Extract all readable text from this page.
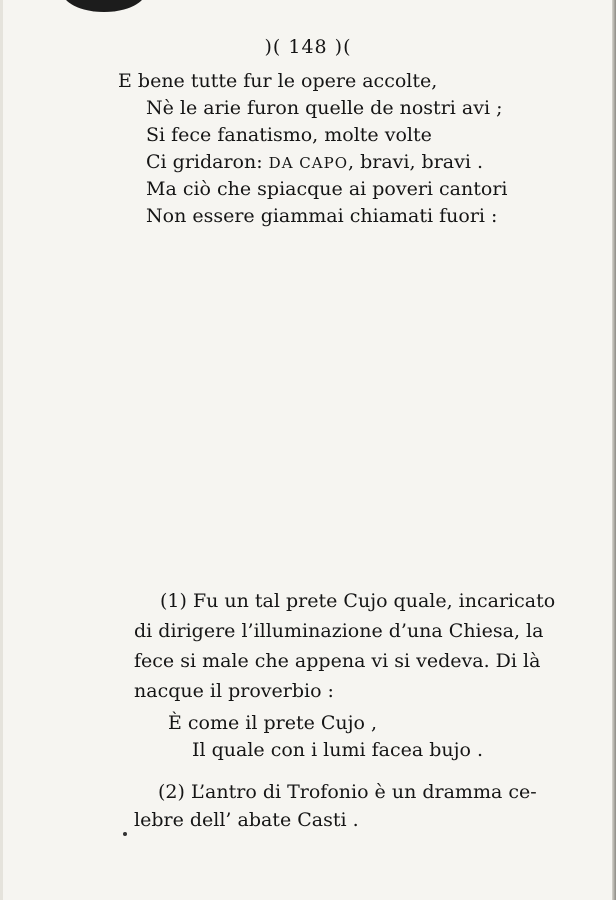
)( 148 )(
E bene tutte fur le opere accolte,
Nè le arie furon quelle de nostri avi ;
Si fece fanatismo, molte volte
Ci gridaron: DA CAPO, bravi, bravi .
Ma ciò che spiacque ai poveri cantori
Non essere giammai chiamati fuori :
(1) Fu un tal prete Cujo quale, incaricato
di dirigere l’illuminazione d’una Chiesa, la
fece si male che appena vi si vedeva. Di là
nacque il proverbio :
È come il prete Cujo ,
Il quale con i lumi facea bujo .
(2) L’antro di Trofonio è un dramma ce-
lebre dell’ abate Casti .
